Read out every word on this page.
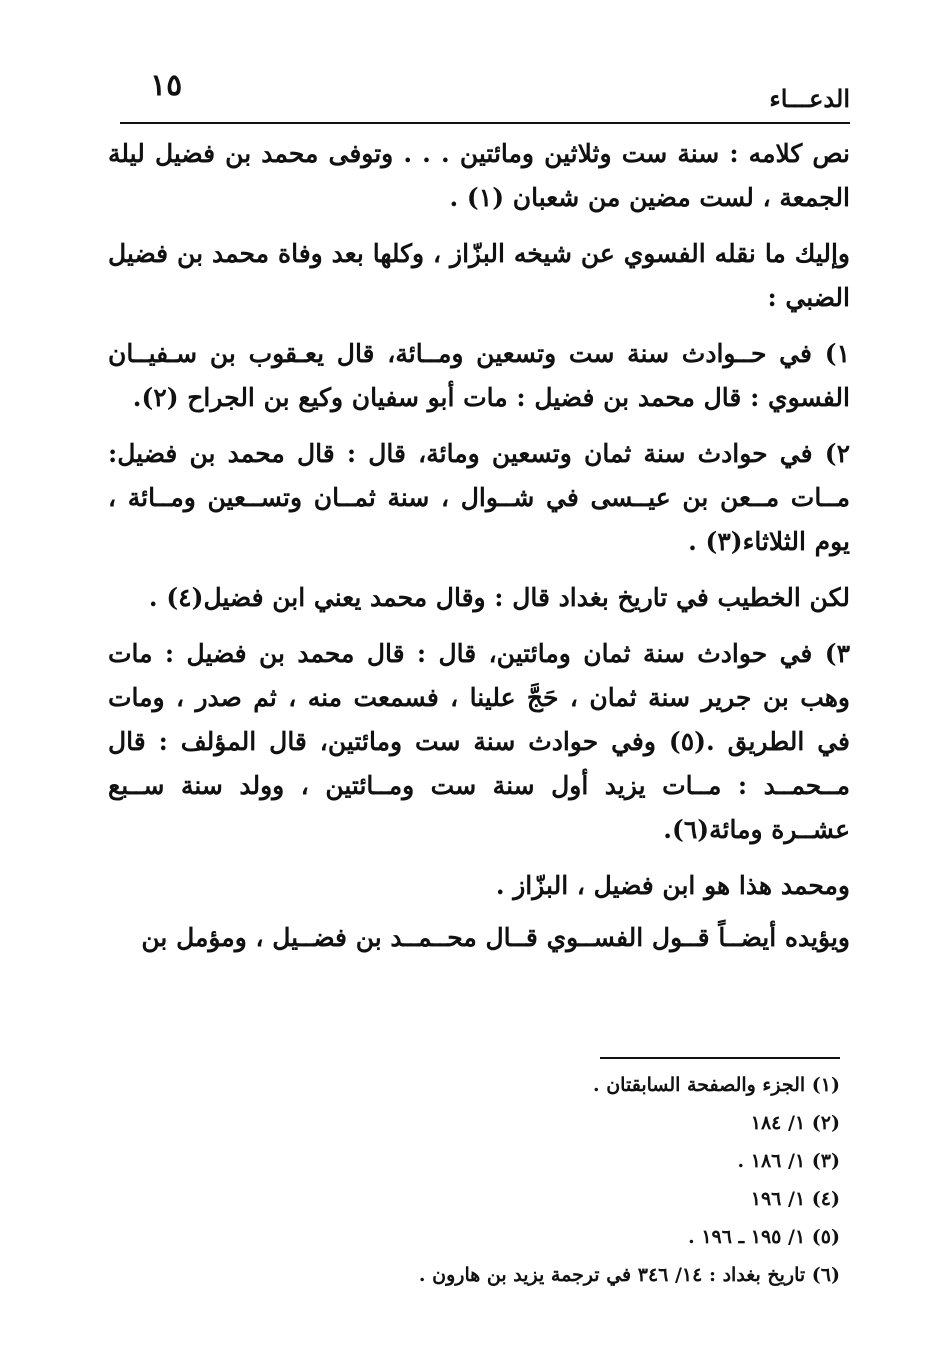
١٥	الدعـــاء

نص كلامه : سنة ست وثلاثين ومائتين . . . وتوفى محمد بن فضيل ليلة الجمعة ، لست مضين من شعبان (١) .

وإليك ما نقله الفسوي عن شيخه البزّاز ، وكلها بعد وفاة محمد بن فضيل الضبي :

١) في حــوادث سنة ست وتسعين ومــائة، قال يعـقوب بن سـفيــان الفسوي : قال محمد بن فضيل : مات أبو سفيان وكيع بن الجراح (٢).

٢) في حوادث سنة ثمان وتسعين ومائة، قال : قال محمد بن فضيل: مــات مــعن بن عيــسى في شــوال ، سنة ثمــان وتســعين ومــائة ، يوم الثلاثاء(٣) .

لكن الخطيب في تاريخ بغداد قال : وقال محمد يعني ابن فضيل(٤) .

٣) في حوادث سنة ثمان ومائتين، قال : قال محمد بن فضيل : مات وهب بن جرير سنة ثمان ، حَجَّ علينا ، فسمعت منه ، ثم صدر ، ومات في الطريق .(٥) وفي حوادث سنة ست ومائتين، قال المؤلف : قال مــحمــد : مــات يزيد أول سنة ست ومــائتين ، وولد سنة ســبع عشــرة ومائة(٦).

ومحمد هذا هو ابن فضيل ، البزّاز .

ويؤيده أيضــاً قــول الفســوي قــال محــمــد بن فضــيل ، ومؤمل بن

(١) الجزء والصفحة السابقتان .
(٢) ١/ ١٨٤
(٣) ١/ ١٨٦ .
(٤) ١/ ١٩٦
(٥) ١/ ١٩٥ ـ ١٩٦ .
(٦) تاريخ بغداد : ١٤/ ٣٤٦ في ترجمة يزيد بن هارون .
